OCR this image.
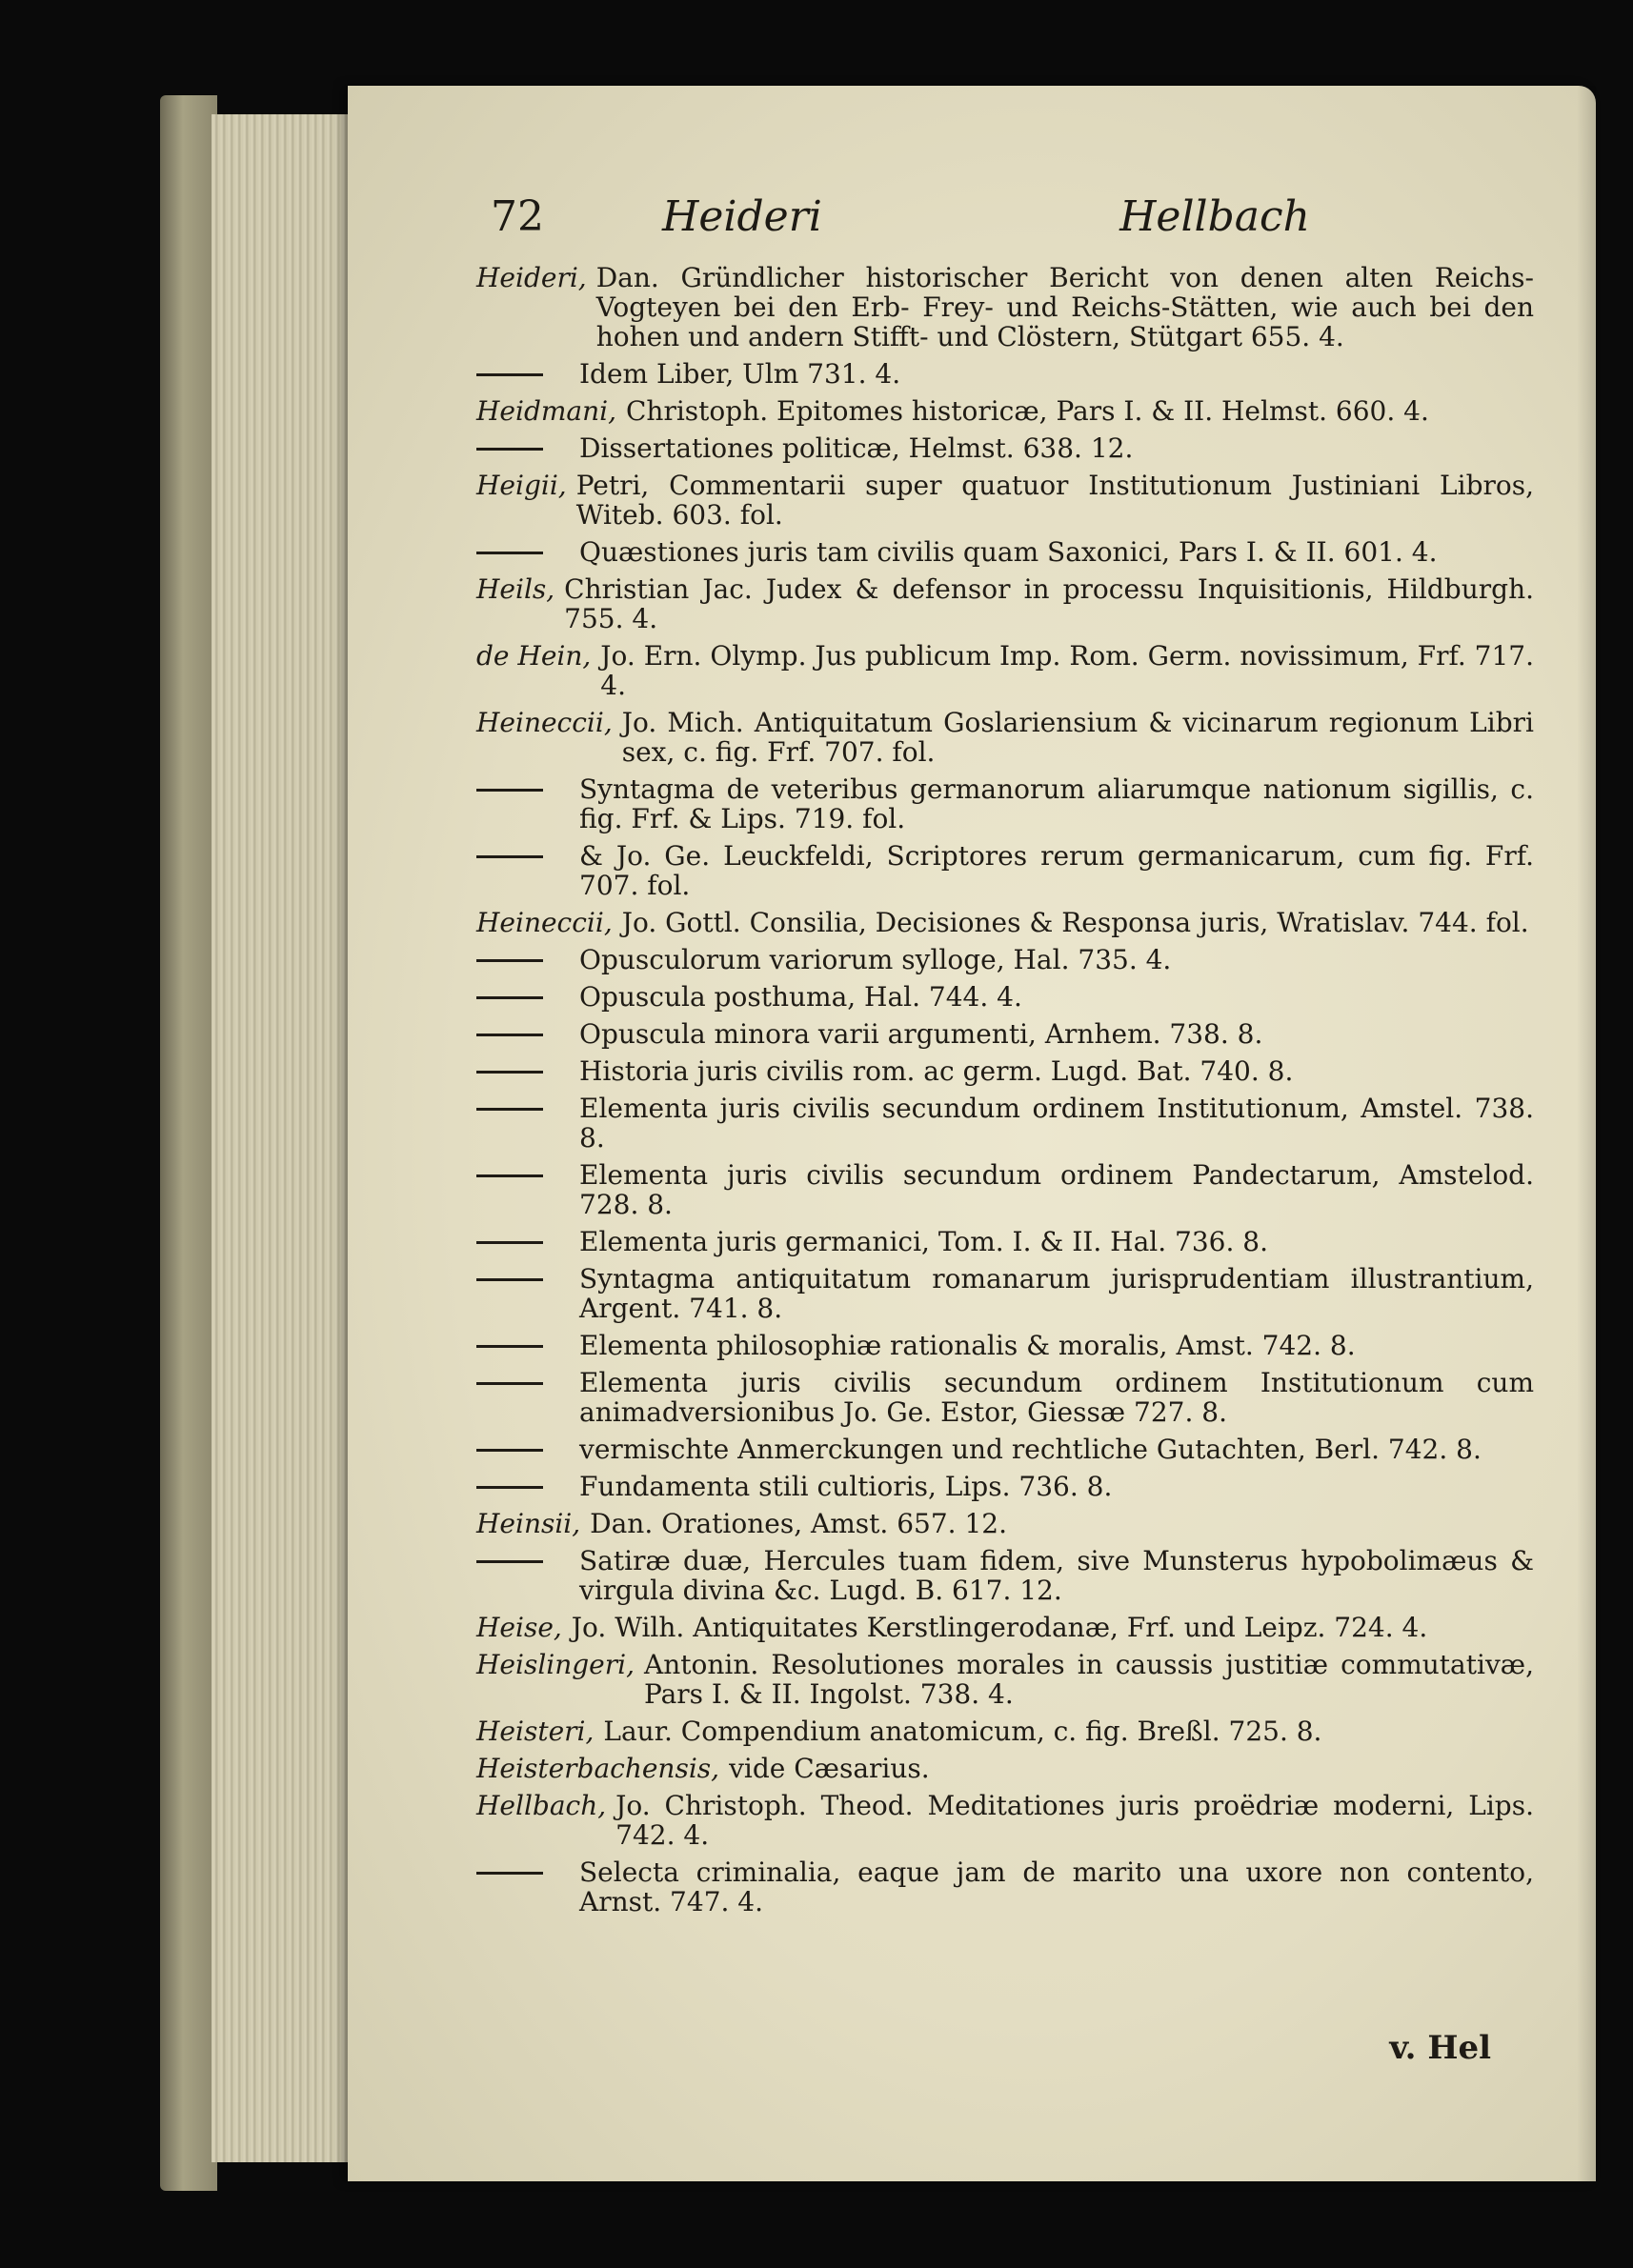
72	Heideri	Hellbach
Heideri, Dan. Gründlicher historischer Bericht von denen alten Reichs-Vogteyen bei den Erb- Frey- und Reichs-Stätten, wie auch bei den hohen und andern Stifft- und Clöstern, Stütgart 655. 4.
Idem Liber, Ulm 731. 4.
Heidmani, Christoph. Epitomes historicæ, Pars I. & II. Helmst. 660. 4.
Dissertationes politicæ, Helmst. 638. 12.
Heigii, Petri, Commentarii super quatuor Institutionum Justiniani Libros, Witeb. 603. fol.
Quæstiones juris tam civilis quam Saxonici, Pars I. & II. 601. 4.
Heils, Christian Jac. Judex & defensor in processu Inquisitionis, Hildburgh. 755. 4.
de Hein, Jo. Ern. Olymp. Jus publicum Imp. Rom. Germ. novissimum, Frf. 717. 4.
Heineccii, Jo. Mich. Antiquitatum Goslariensium & vicinarum regionum Libri sex, c. fig. Frf. 707. fol.
Syntagma de veteribus germanorum aliarumque nationum sigillis, c. fig. Frf. & Lips. 719. fol.
& Jo. Ge. Leuckfeldi, Scriptores rerum germanicarum, cum fig. Frf. 707. fol.
Heineccii, Jo. Gottl. Consilia, Decisiones & Responsa juris, Wratislav. 744. fol.
Opusculorum variorum sylloge, Hal. 735. 4.
Opuscula posthuma, Hal. 744. 4.
Opuscula minora varii argumenti, Arnhem. 738. 8.
Historia juris civilis rom. ac germ. Lugd. Bat. 740. 8.
Elementa juris civilis secundum ordinem Institutionum, Amstel. 738. 8.
Elementa juris civilis secundum ordinem Pandectarum, Amstelod. 728. 8.
Elementa juris germanici, Tom. I. & II. Hal. 736. 8.
Syntagma antiquitatum romanarum jurisprudentiam illustrantium, Argent. 741. 8.
Elementa philosophiæ rationalis & moralis, Amst. 742. 8.
Elementa juris civilis secundum ordinem Institutionum cum animadversionibus Jo. Ge. Estor, Giessæ 727. 8.
vermischte Anmerckungen und rechtliche Gutachten, Berl. 742. 8.
Fundamenta stili cultioris, Lips. 736. 8.
Heinsii, Dan. Orationes, Amst. 657. 12.
Satiræ duæ, Hercules tuam fidem, sive Munsterus hypobolimæus & virgula divina &c. Lugd. B. 617. 12.
Heise, Jo. Wilh. Antiquitates Kerstlingerodanæ, Frf. und Leipz. 724. 4.
Heislingeri, Antonin. Resolutiones morales in caussis justitiæ commutativæ, Pars I. & II. Ingolst. 738. 4.
Heisteri, Laur. Compendium anatomicum, c. fig. Breßl. 725. 8.
Heisterbachensis, vide Cæsarius.
Hellbach, Jo. Christoph. Theod. Meditationes juris proëdriæ moderni, Lips. 742. 4.
Selecta criminalia, eaque jam de marito una uxore non contento, Arnst. 747. 4.
v. Hel
